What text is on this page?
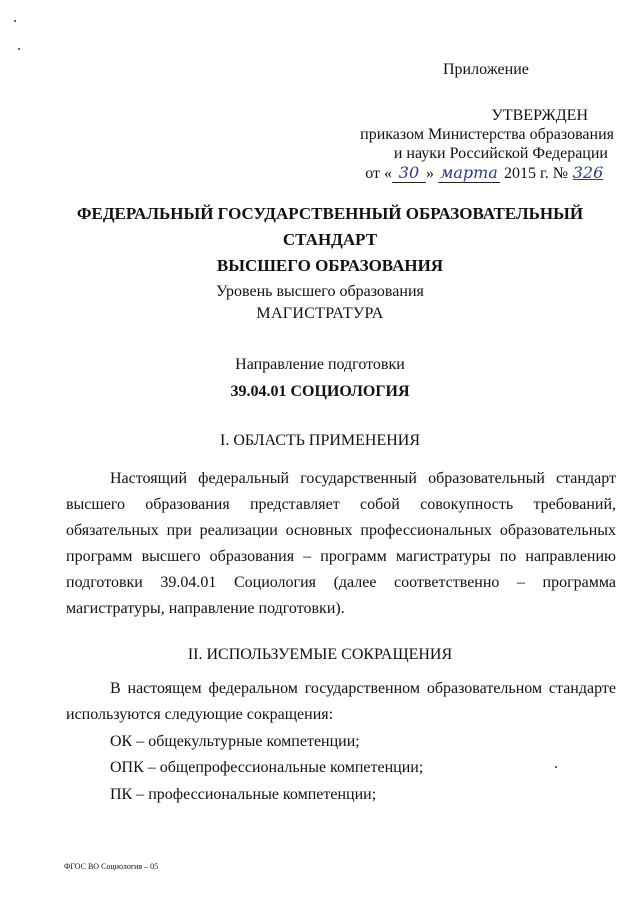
Приложение
УТВЕРЖДЕН
приказом Министерства образования
и науки Российской Федерации
от « 30 » марта 2015 г. № 326
ФЕДЕРАЛЬНЫЙ ГОСУДАРСТВЕННЫЙ ОБРАЗОВАТЕЛЬНЫЙ СТАНДАРТ
ВЫСШЕГО ОБРАЗОВАНИЯ
Уровень высшего образования
МАГИСТРАТУРА
Направление подготовки
39.04.01 СОЦИОЛОГИЯ
I. ОБЛАСТЬ ПРИМЕНЕНИЯ
Настоящий федеральный государственный образовательный стандарт высшего образования представляет собой совокупность требований, обязательных при реализации основных профессиональных образовательных программ высшего образования – программ магистратуры по направлению подготовки 39.04.01 Социология (далее соответственно – программа магистратуры, направление подготовки).
II. ИСПОЛЬЗУЕМЫЕ СОКРАЩЕНИЯ
В настоящем федеральном государственном образовательном стандарте используются следующие сокращения:
ОК – общекультурные компетенции;
ОПК – общепрофессиональные компетенции;
ПК – профессиональные компетенции;
ФГОС ВО Социология – 05
